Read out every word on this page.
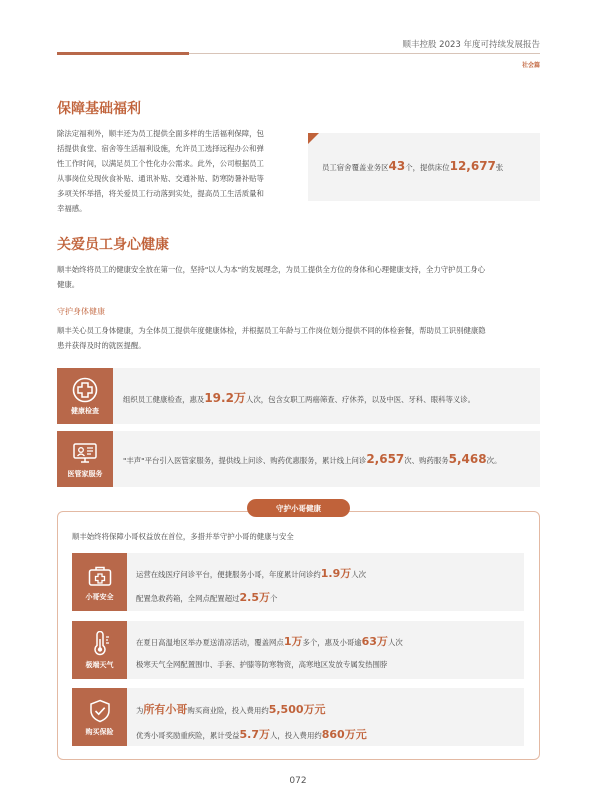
顺丰控股 2023 年度可持续发展报告
社会篇
保障基础福利
除法定福利外，顺丰还为员工提供全面多样的生活福利保障，包
括提供食堂、宿舍等生活福利设施，允许员工选择远程办公和弹
性工作时间，以满足员工个性化办公需求。此外，公司根据员工
从事岗位兑现伙食补贴、通讯补贴、交通补贴、防寒防暑补贴等
多项关怀举措，将关爱员工行动落到实处，提高员工生活质量和
幸福感。
员工宿舍覆盖业务区43个，提供床位12,677张
关爱员工身心健康
顺丰始终将员工的健康安全放在第一位，坚持"以人为本"的发展理念，为员工提供全方位的身体和心理健康支持，全力守护员工身心
健康。
守护身体健康
顺丰关心员工身体健康，为全体员工提供年度健康体检，并根据员工年龄与工作岗位划分提供不同的体检套餐，帮助员工识别健康隐
患并获得及时的就医提醒。
健康检查
组织员工健康检查，惠及19.2万人次，包含女职工两癌筛查、疗休养，以及中医、牙科、眼科等义诊。
医管家服务
"丰声"平台引入医管家服务，提供线上问诊、购药优惠服务，累计线上问诊2,657次、购药服务5,468次。
守护小哥健康
顺丰始终将保障小哥权益放在首位，多措并举守护小哥的健康与安全
小哥安全
运营在线医疗问诊平台，便捷服务小哥，年度累计问诊约1.9万人次
配置急救药箱，全网点配置超过2.5万个
极端天气
在夏日高温地区举办夏送清凉活动，覆盖网点1万多个，惠及小哥逾63万人次
极寒天气全网配置围巾、手套、护膝等防寒物资，高寒地区发放专属发热围脖
购买保险
为所有小哥购买商业险，投入费用约5,500万元
优秀小哥奖励重疾险，累计受益5.7万人，投入费用约860万元
072
